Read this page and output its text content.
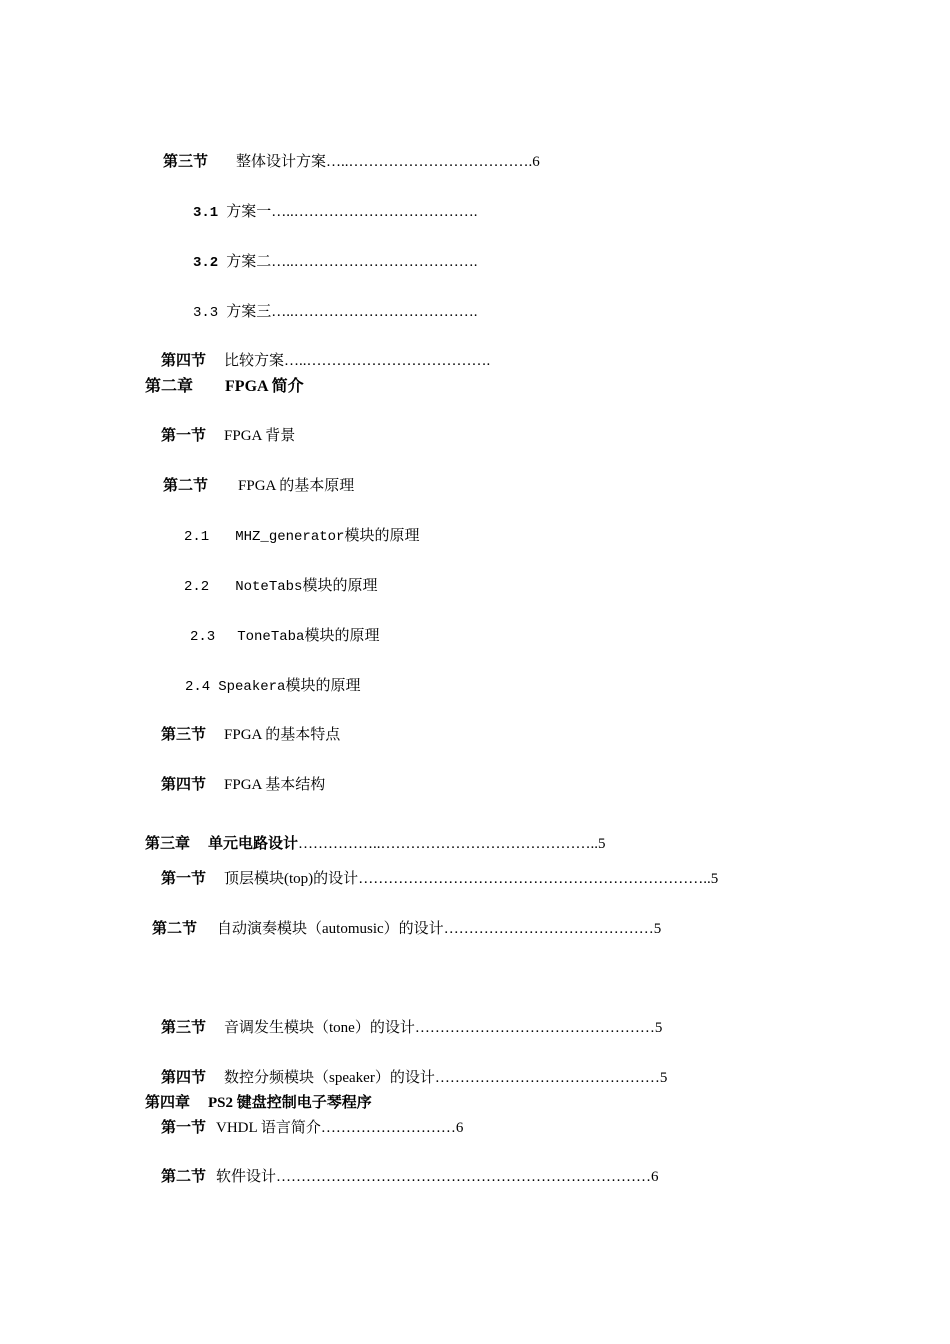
第三节 整体设计方案…..……………………………….6
3.1 方案一…..……………………………….
3.2 方案二…..……………………………….
3.3 方案三…..……………………………….
第四节 比较方案…..……………………………….
第二章 FPGA 简介
第一节 FPGA 背景
第二节 FPGA 的基本原理
2.1 MHZ_generator模块的原理
2.2 NoteTabs模块的原理
2.3 ToneTaba模块的原理
2.4 Speakera模块的原理
第三节 FPGA 的基本特点
第四节 FPGA 基本结构
第三章 单元电路设计……………..……………………………………..5
第一节 顶层模块(top)的设计……………………………………………………………..5
第二节 自动演奏模块（automusic）的设计……………………………………5
第三节 音调发生模块（tone）的设计…………………………………………5
第四节 数控分频模块（speaker）的设计………………………………………5
第四章 PS2 键盘控制电子琴程序
第一节 VHDL 语言简介………………………6
第二节 软件设计…………………………………………………………………6
